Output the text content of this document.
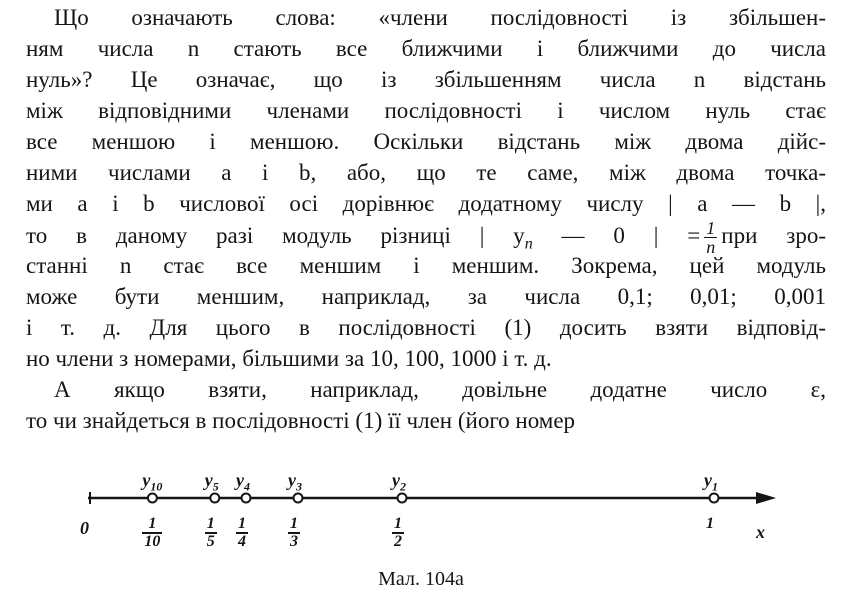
Що означають слова: «члени послідовності із збільшен-
ням числа n стають все ближчими і ближчими до числа
нуль»? Це означає, що із збільшенням числа n відстань
між відповідними членами послідовності і числом нуль стає
все меншою і меншою. Оскільки відстань між двома дійс-
ними числами a і b, або, що те саме, між двома точка-
ми a і b числової осі дорівнює додатному числу | a — b |,
то в даному разі модуль різниці | $y_n$ — 0 | = $\frac{1}{n}$ при зро-
станні n стає все меншим і меншим. Зокрема, цей модуль
може бути меншим, наприклад, за числа 0,1; 0,01; 0,001
і т. д. Для цього в послідовності (1) досить взяти відповід-
но члени з номерами, більшими за 10, 100, 1000 і т. д.
А якщо взяти, наприклад, довільне додатне число ε,
то чи знайдеться в послідовності (1) її член (його номер
0	x
$y_{10}$
$\frac{1}{10}$
$y_5$
$\frac{1}{5}$
$y_4$
$\frac{1}{4}$
$y_3$
$\frac{1}{3}$
$y_2$
$\frac{1}{2}$
$y_1$
1
Мал. 104а
